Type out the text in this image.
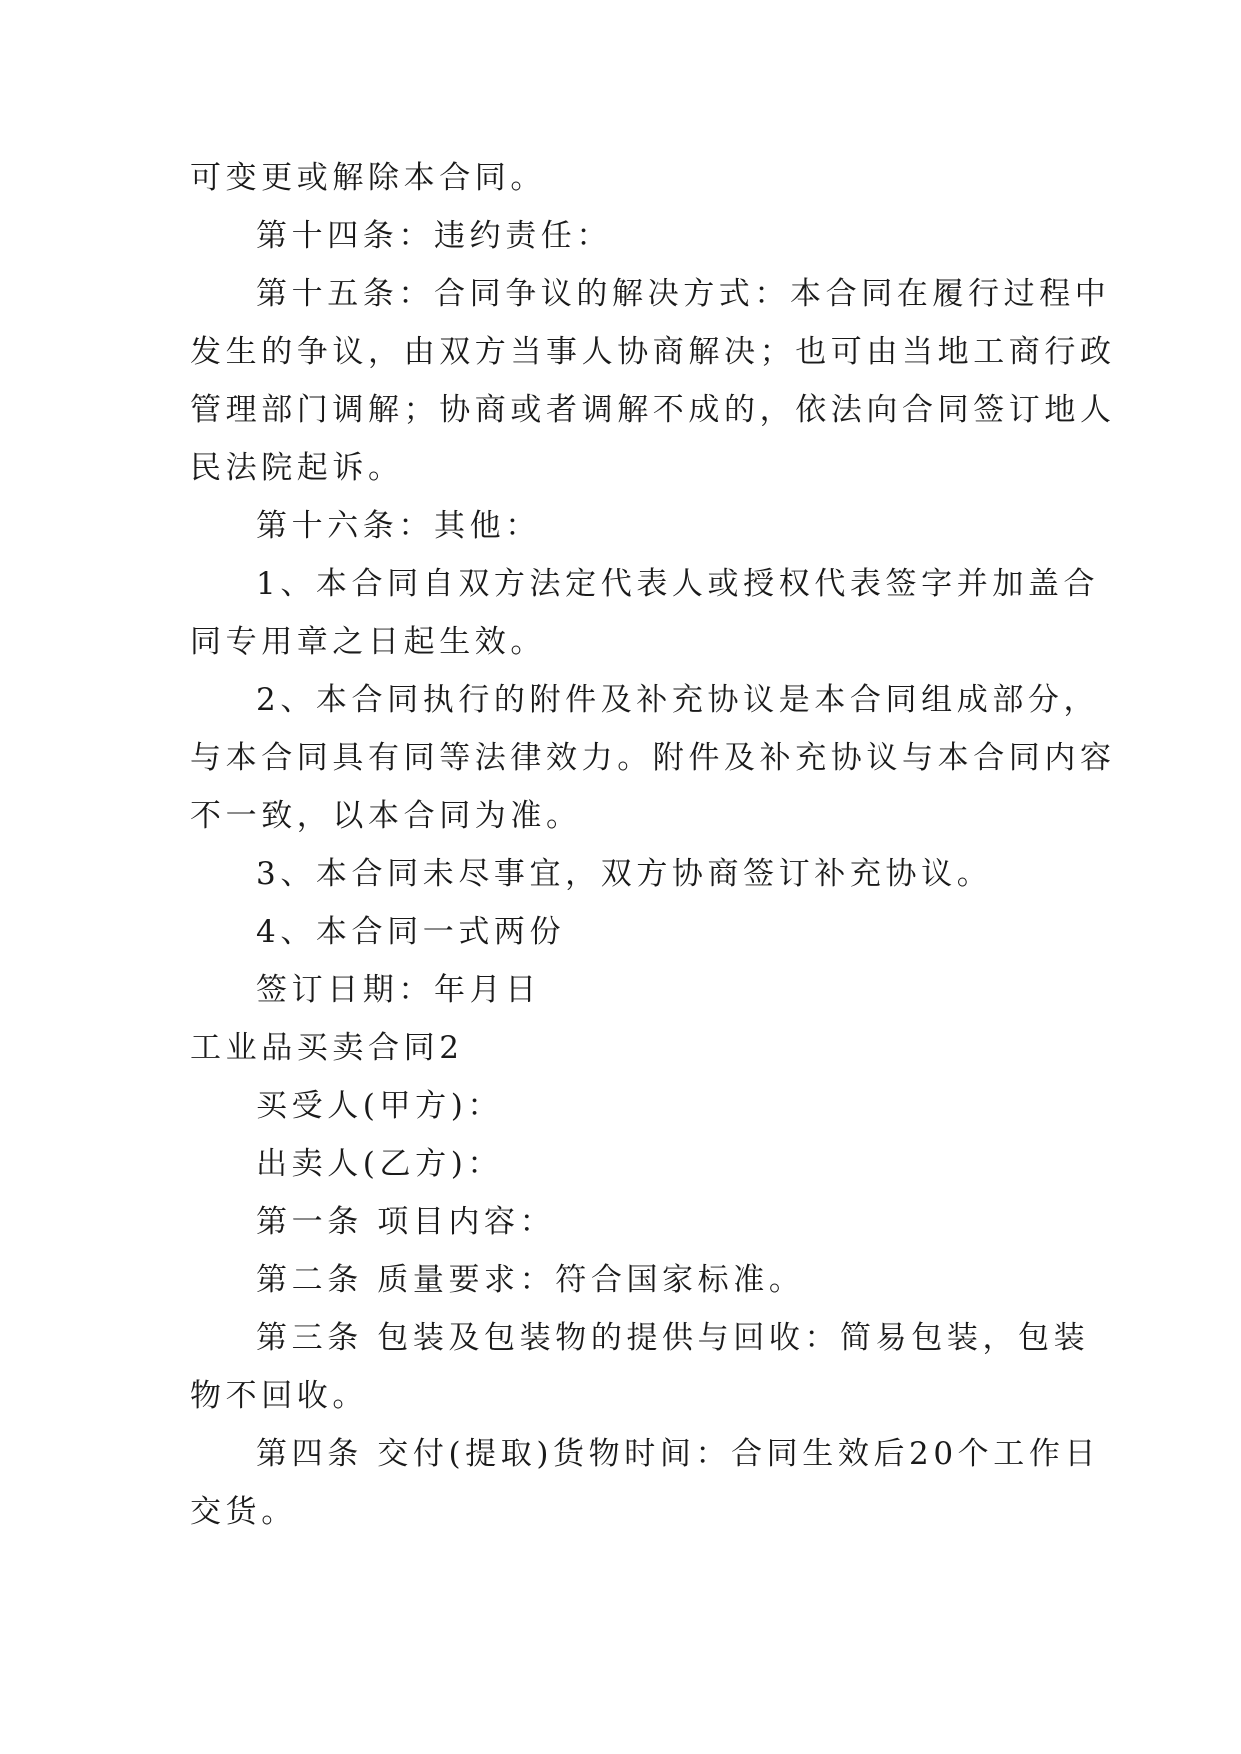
可变更或解除本合同。
第十四条：违约责任：
第十五条：合同争议的解决方式：本合同在履行过程中
发生的争议，由双方当事人协商解决；也可由当地工商行政
管理部门调解；协商或者调解不成的，依法向合同签订地人
民法院起诉。
第十六条：其他：
1、本合同自双方法定代表人或授权代表签字并加盖合
同专用章之日起生效。
2、本合同执行的附件及补充协议是本合同组成部分，
与本合同具有同等法律效力。附件及补充协议与本合同内容
不一致，以本合同为准。
3、本合同未尽事宜，双方协商签订补充协议。
4、本合同一式两份
签订日期：年月日
工业品买卖合同2
买受人(甲方)：
出卖人(乙方)：
第一条 项目内容：
第二条 质量要求：符合国家标准。
第三条 包装及包装物的提供与回收：简易包装，包装
物不回收。
第四条 交付(提取)货物时间：合同生效后20个工作日
交货。
